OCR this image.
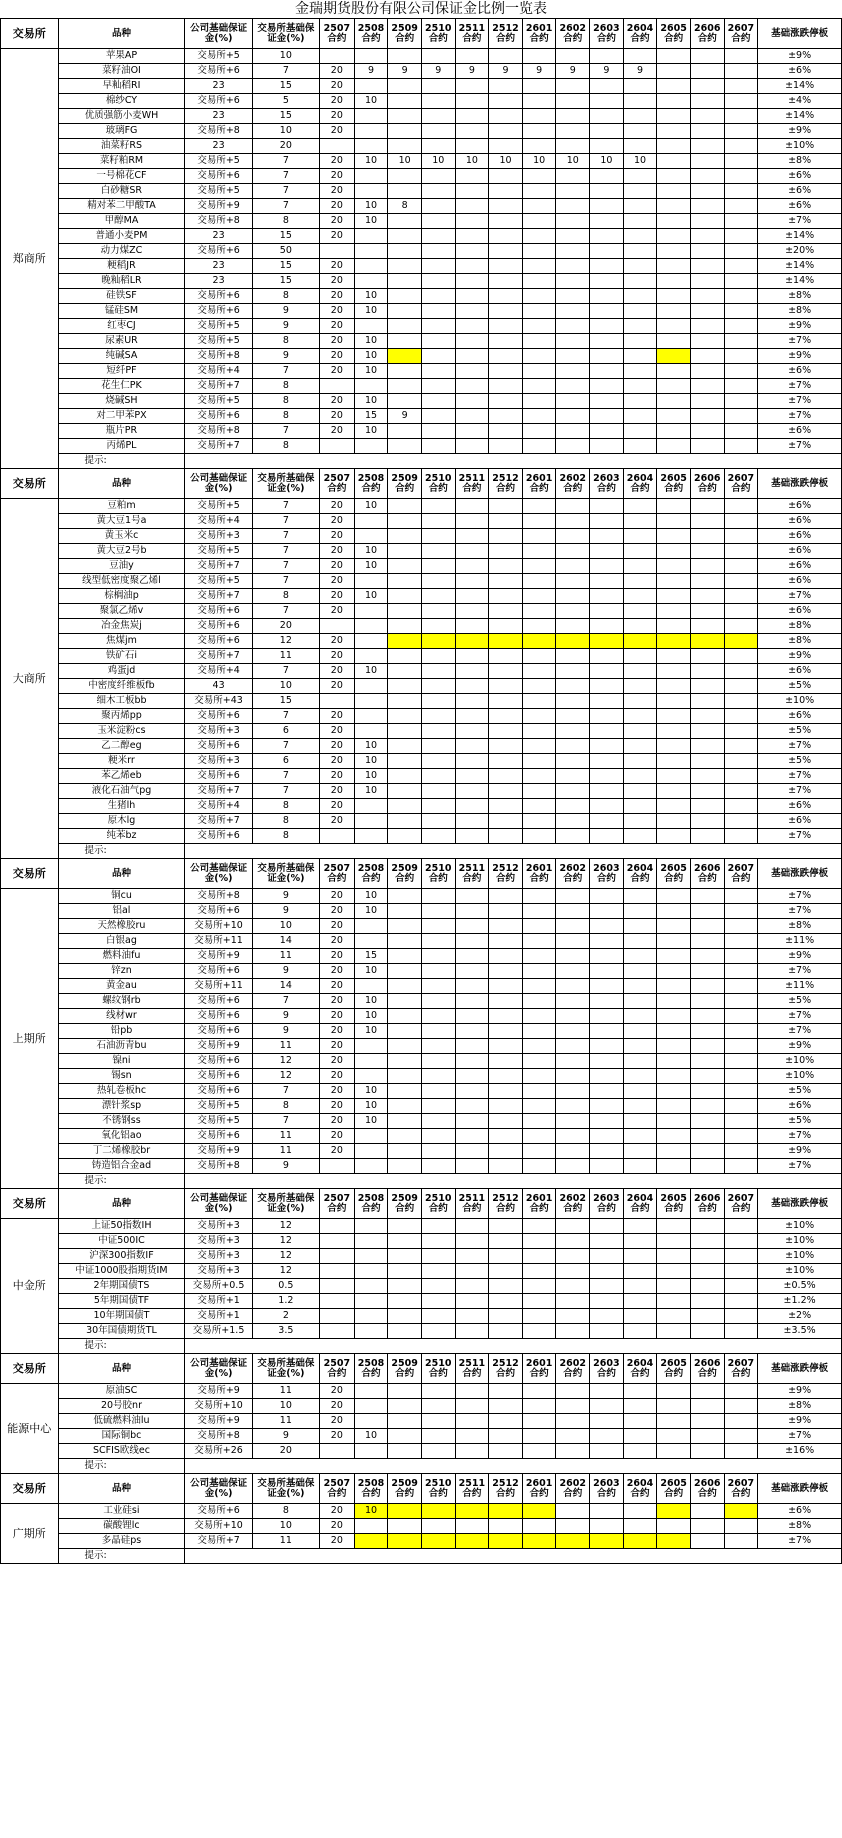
金瑞期货股份有限公司保证金比例一览表
交易所	品种	公司基础保证金(%)	交易所基础保证金(%)	2507合约	2508合约	2509合约	2510合约	2511合约	2512合约	2601合约	2602合约	2603合约	2604合约	2605合约	2606合约	2607合约	基础涨跌停板
郑商所	苹果AP	交易所+5	10														±9%
	菜籽油OI	交易所+6	7	20	9	9	9	9	9	9	9	9	9				±6%
	早籼稻RI	23	15	20													±14%
	棉纱CY	交易所+6	5	20	10												±4%
	优质强筋小麦WH	23	15	20													±14%
	玻璃FG	交易所+8	10	20													±9%
	油菜籽RS	23	20														±10%
	菜籽粕RM	交易所+5	7	20	10	10	10	10	10	10	10	10	10				±8%
	一号棉花CF	交易所+6	7	20													±6%
	白砂糖SR	交易所+5	7	20													±6%
	精对苯二甲酸TA	交易所+9	7	20	10	8											±6%
	甲醇MA	交易所+8	8	20	10												±7%
	普通小麦PM	23	15	20													±14%
	动力煤ZC	交易所+6	50														±20%
	粳稻JR	23	15	20													±14%
	晚籼稻LR	23	15	20													±14%
	硅铁SF	交易所+6	8	20	10												±8%
	锰硅SM	交易所+6	9	20	10												±8%
	红枣CJ	交易所+5	9	20													±9%
	尿素UR	交易所+5	8	20	10												±7%
	纯碱SA	交易所+8	9	20	10												±9%
	短纤PF	交易所+4	7	20	10												±6%
	花生仁PK	交易所+7	8														±7%
	烧碱SH	交易所+5	8	20	10												±7%
	对二甲苯PX	交易所+6	8	20	15	9											±7%
	瓶片PR	交易所+8	7	20	10												±6%
	丙烯PL	交易所+7	8														±7%
	提示:																
交易所	品种	公司基础保证金(%)	交易所基础保证金(%)	2507合约	2508合约	2509合约	2510合约	2511合约	2512合约	2601合约	2602合约	2603合约	2604合约	2605合约	2606合约	2607合约	基础涨跌停板
大商所	豆粕m	交易所+5	7	20	10												±6%
	黄大豆1号a	交易所+4	7	20													±6%
	黄玉米c	交易所+3	7	20													±6%
	黄大豆2号b	交易所+5	7	20	10												±6%
	豆油y	交易所+7	7	20	10												±6%
	线型低密度聚乙烯l	交易所+5	7	20													±6%
	棕榈油p	交易所+7	8	20	10												±7%
	聚氯乙烯v	交易所+6	7	20													±6%
	冶金焦炭j	交易所+6	20														±8%
	焦煤jm	交易所+6	12	20													±8%
	铁矿石i	交易所+7	11	20													±9%
	鸡蛋jd	交易所+4	7	20	10												±6%
	中密度纤维板fb	43	10	20													±5%
	细木工板bb	交易所+43	15														±10%
	聚丙烯pp	交易所+6	7	20													±6%
	玉米淀粉cs	交易所+3	6	20													±5%
	乙二醇eg	交易所+6	7	20	10												±7%
	粳米rr	交易所+3	6	20	10												±5%
	苯乙烯eb	交易所+6	7	20	10												±7%
	液化石油气pg	交易所+7	7	20	10												±7%
	生猪lh	交易所+4	8	20													±6%
	原木lg	交易所+7	8	20													±6%
	纯苯bz	交易所+6	8														±7%
	提示:																
交易所	品种	公司基础保证金(%)	交易所基础保证金(%)	2507合约	2508合约	2509合约	2510合约	2511合约	2512合约	2601合约	2602合约	2603合约	2604合约	2605合约	2606合约	2607合约	基础涨跌停板
上期所	铜cu	交易所+8	9	20	10												±7%
	铝al	交易所+6	9	20	10												±7%
	天然橡胶ru	交易所+10	10	20													±8%
	白银ag	交易所+11	14	20													±11%
	燃料油fu	交易所+9	11	20	15												±9%
	锌zn	交易所+6	9	20	10												±7%
	黄金au	交易所+11	14	20													±11%
	螺纹钢rb	交易所+6	7	20	10												±5%
	线材wr	交易所+6	9	20	10												±7%
	铅pb	交易所+6	9	20	10												±7%
	石油沥青bu	交易所+9	11	20													±9%
	镍ni	交易所+6	12	20													±10%
	锡sn	交易所+6	12	20													±10%
	热轧卷板hc	交易所+6	7	20	10												±5%
	漂针浆sp	交易所+5	8	20	10												±6%
	不锈钢ss	交易所+5	7	20	10												±5%
	氧化铝ao	交易所+6	11	20													±7%
	丁二烯橡胶br	交易所+9	11	20													±9%
	铸造铝合金ad	交易所+8	9														±7%
	提示:																
交易所	品种	公司基础保证金(%)	交易所基础保证金(%)	2507合约	2508合约	2509合约	2510合约	2511合约	2512合约	2601合约	2602合约	2603合约	2604合约	2605合约	2606合约	2607合约	基础涨跌停板
中金所	上证50指数IH	交易所+3	12														±10%
	中证500IC	交易所+3	12														±10%
	沪深300指数IF	交易所+3	12														±10%
	中证1000股指期货IM	交易所+3	12														±10%
	2年期国债TS	交易所+0.5	0.5														±0.5%
	5年期国债TF	交易所+1	1.2														±1.2%
	10年期国债T	交易所+1	2														±2%
	30年国债期货TL	交易所+1.5	3.5														±3.5%
	提示:																
交易所	品种	公司基础保证金(%)	交易所基础保证金(%)	2507合约	2508合约	2509合约	2510合约	2511合约	2512合约	2601合约	2602合约	2603合约	2604合约	2605合约	2606合约	2607合约	基础涨跌停板
能源中心	原油SC	交易所+9	11	20													±9%
	20号胶nr	交易所+10	10	20													±8%
	低硫燃料油lu	交易所+9	11	20													±9%
	国际铜bc	交易所+8	9	20	10												±7%
	SCFIS欧线ec	交易所+26	20														±16%
	提示:																
交易所	品种	公司基础保证金(%)	交易所基础保证金(%)	2507合约	2508合约	2509合约	2510合约	2511合约	2512合约	2601合约	2602合约	2603合约	2604合约	2605合约	2606合约	2607合约	基础涨跌停板
广期所	工业硅si	交易所+6	8	20	10												±6%
	碳酸锂lc	交易所+10	10	20													±8%
	多晶硅ps	交易所+7	11	20													±7%
	提示:																
